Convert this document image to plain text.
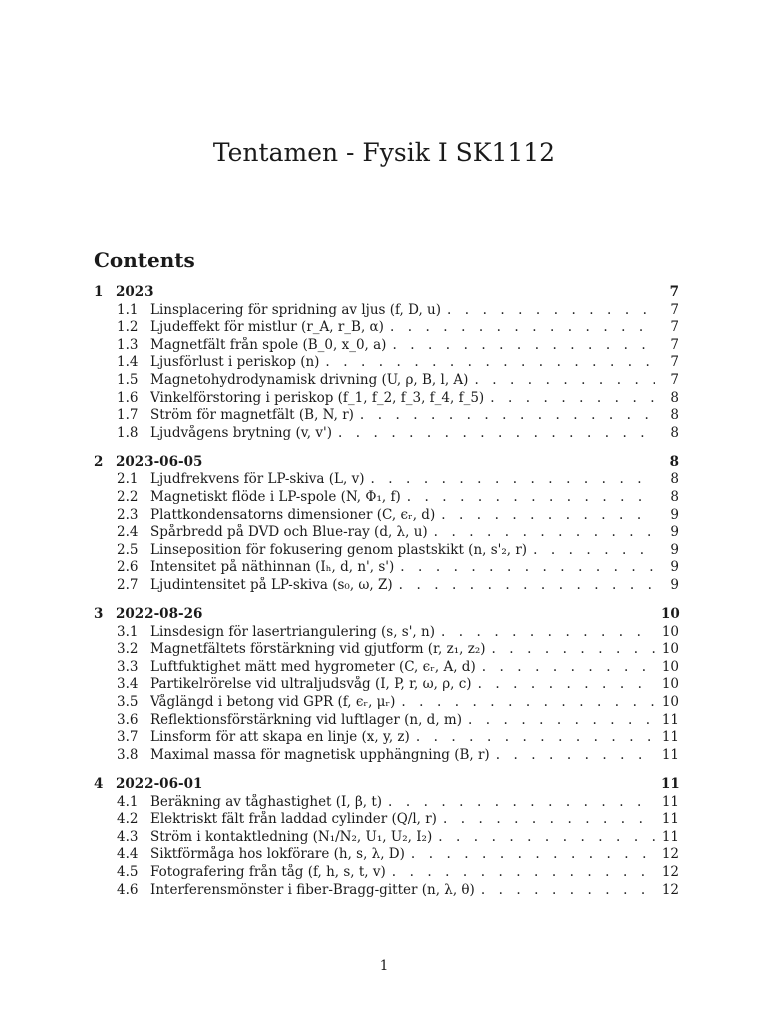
Tentamen - Fysik I SK1112
Contents
1 2023	7
1.1 Linsplacering för spridning av ljus (f, D, u) . . .	7
1.2 Ljudeffekt för mistlur (r_A, r_B, α) . . .	7
1.3 Magnetfält från spole (B_0, x_0, a) . . .	7
1.4 Ljusförlust i periskop (n) . . .	7
1.5 Magnetohydrodynamisk drivning (U, ρ, B, l, A) . . .	7
1.6 Vinkelförstoring i periskop (f_1, f_2, f_3, f_4, f_5) . . .	8
1.7 Ström för magnetfält (B, N, r) . . .	8
1.8 Ljudvågens brytning (v, v') . . .	8
2 2023-06-05	8
2.1 Ljudfrekvens för LP-skiva (L, v) . . .	8
2.2 Magnetiskt flöde i LP-spole (N, Φ₁, f) . . .	8
2.3 Plattkondensatorns dimensioner (C, ϵᵣ, d) . . .	9
2.4 Spårbredd på DVD och Blue-ray (d, λ, u) . . .	9
2.5 Linseposition för fokusering genom plastskikt (n, s'₂, r) . . .	9
2.6 Intensitet på näthinnan (Iₕ, d, n', s') . . .	9
2.7 Ljudintensitet på LP-skiva (s₀, ω, Z) . . .	9
3 2022-08-26	10
3.1 Linsdesign för lasertriangulering (s, s', n) . . .	10
3.2 Magnetfältets förstärkning vid gjutform (r, z₁, z₂) . . .	10
3.3 Luftfuktighet mätt med hygrometer (C, ϵᵣ, A, d) . . .	10
3.4 Partikelrörelse vid ultraljudsvåg (I, P, r, ω, ρ, c) . . .	10
3.5 Våglängd i betong vid GPR (f, ϵᵣ, μᵣ) . . .	10
3.6 Reflektionsförstärkning vid luftlager (n, d, m) . . .	11
3.7 Linsform för att skapa en linje (x, y, z) . . .	11
3.8 Maximal massa för magnetisk upphängning (B, r) . . .	11
4 2022-06-01	11
4.1 Beräkning av tåghastighet (I, β, t) . . .	11
4.2 Elektriskt fält från laddad cylinder (Q/l, r) . . .	11
4.3 Ström i kontaktledning (N₁/N₂, U₁, U₂, I₂) . . .	11
4.4 Siktförmåga hos lokförare (h, s, λ, D) . . .	12
4.5 Fotografering från tåg (f, h, s, t, v) . . .	12
4.6 Interferensmönster i fiber-Bragg-gitter (n, λ, θ) . . .	12
1
